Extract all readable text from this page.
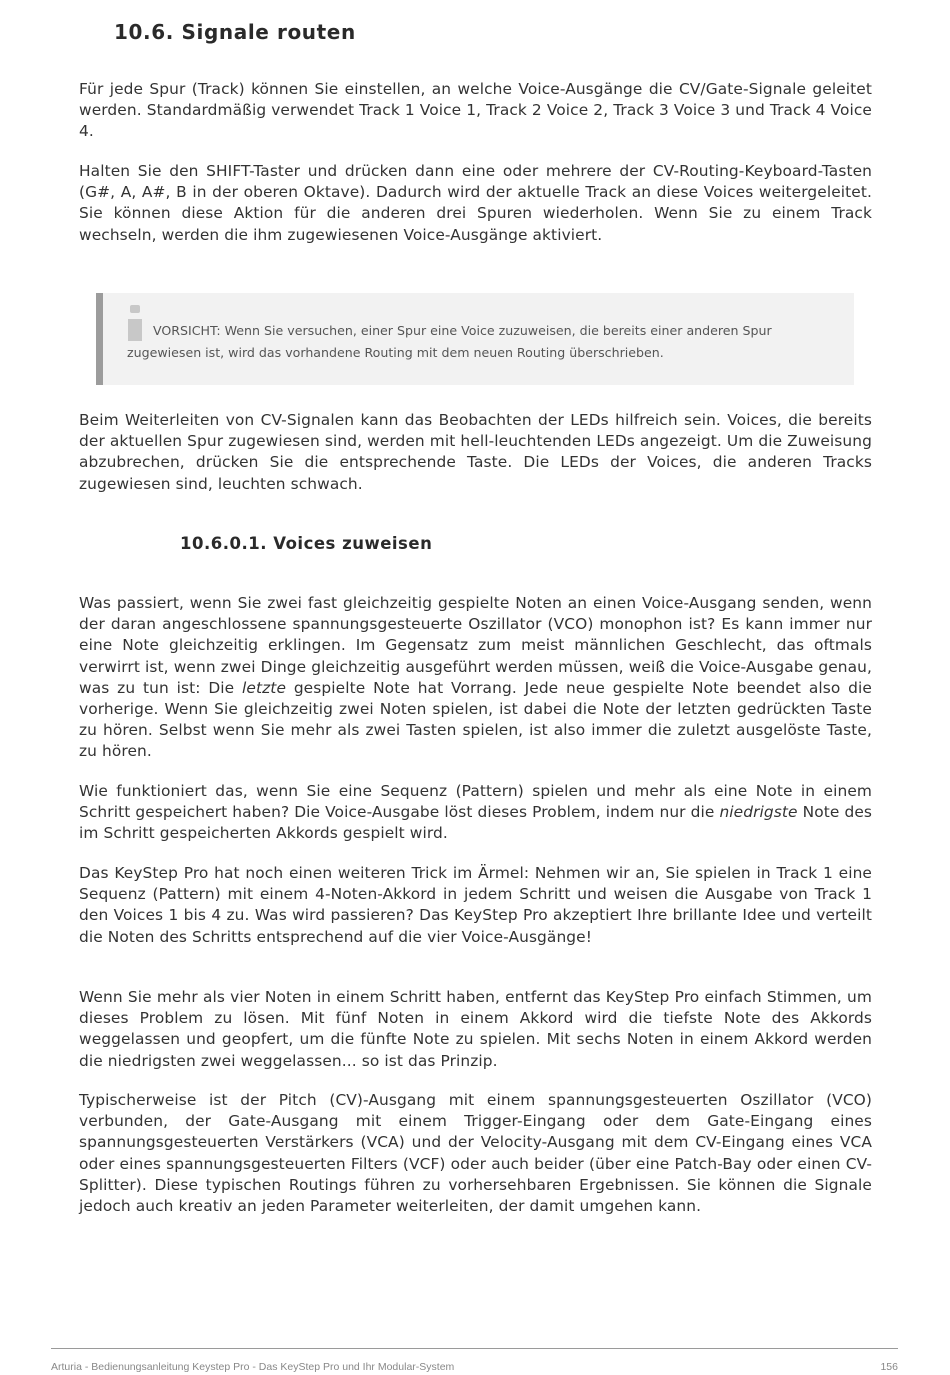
10.6. Signale routen

Für jede Spur (Track) können Sie einstellen, an welche Voice-Ausgänge die CV/Gate-Signale geleitet werden. Standardmäßig verwendet Track 1 Voice 1, Track 2 Voice 2, Track 3 Voice 3 und Track 4 Voice 4.

Halten Sie den SHIFT-Taster und drücken dann eine oder mehrere der CV-Routing-Keyboard-Tasten (G#, A, A#, B in der oberen Oktave). Dadurch wird der aktuelle Track an diese Voices weitergeleitet. Sie können diese Aktion für die anderen drei Spuren wiederholen. Wenn Sie zu einem Track wechseln, werden die ihm zugewiesenen Voice-Ausgänge aktiviert.

VORSICHT: Wenn Sie versuchen, einer Spur eine Voice zuzuweisen, die bereits einer anderen Spur zugewiesen ist, wird das vorhandene Routing mit dem neuen Routing überschrieben.

Beim Weiterleiten von CV-Signalen kann das Beobachten der LEDs hilfreich sein. Voices, die bereits der aktuellen Spur zugewiesen sind, werden mit hell-leuchtenden LEDs angezeigt. Um die Zuweisung abzubrechen, drücken Sie die entsprechende Taste. Die LEDs der Voices, die anderen Tracks zugewiesen sind, leuchten schwach.

10.6.0.1. Voices zuweisen

Was passiert, wenn Sie zwei fast gleichzeitig gespielte Noten an einen Voice-Ausgang senden, wenn der daran angeschlossene spannungsgesteuerte Oszillator (VCO) monophon ist? Es kann immer nur eine Note gleichzeitig erklingen. Im Gegensatz zum meist männlichen Geschlecht, das oftmals verwirrt ist, wenn zwei Dinge gleichzeitig ausgeführt werden müssen, weiß die Voice-Ausgabe genau, was zu tun ist: Die letzte gespielte Note hat Vorrang. Jede neue gespielte Note beendet also die vorherige. Wenn Sie gleichzeitig zwei Noten spielen, ist dabei die Note der letzten gedrückten Taste zu hören. Selbst wenn Sie mehr als zwei Tasten spielen, ist also immer die zuletzt ausgelöste Taste, zu hören.

Wie funktioniert das, wenn Sie eine Sequenz (Pattern) spielen und mehr als eine Note in einem Schritt gespeichert haben? Die Voice-Ausgabe löst dieses Problem, indem nur die niedrigste Note des im Schritt gespeicherten Akkords gespielt wird.

Das KeyStep Pro hat noch einen weiteren Trick im Ärmel: Nehmen wir an, Sie spielen in Track 1 eine Sequenz (Pattern) mit einem 4-Noten-Akkord in jedem Schritt und weisen die Ausgabe von Track 1 den Voices 1 bis 4 zu. Was wird passieren? Das KeyStep Pro akzeptiert Ihre brillante Idee und verteilt die Noten des Schritts entsprechend auf die vier Voice-Ausgänge!

Wenn Sie mehr als vier Noten in einem Schritt haben, entfernt das KeyStep Pro einfach Stimmen, um dieses Problem zu lösen. Mit fünf Noten in einem Akkord wird die tiefste Note des Akkords weggelassen und geopfert, um die fünfte Note zu spielen. Mit sechs Noten in einem Akkord werden die niedrigsten zwei weggelassen... so ist das Prinzip.

Typischerweise ist der Pitch (CV)-Ausgang mit einem spannungsgesteuerten Oszillator (VCO) verbunden, der Gate-Ausgang mit einem Trigger-Eingang oder dem Gate-Eingang eines spannungsgesteuerten Verstärkers (VCA) und der Velocity-Ausgang mit dem CV-Eingang eines VCA oder eines spannungsgesteuerten Filters (VCF) oder auch beider (über eine Patch-Bay oder einen CV-Splitter). Diese typischen Routings führen zu vorhersehbaren Ergebnissen. Sie können die Signale jedoch auch kreativ an jeden Parameter weiterleiten, der damit umgehen kann.

Arturia - Bedienungsanleitung Keystep Pro - Das KeyStep Pro und Ihr Modular-System	156
